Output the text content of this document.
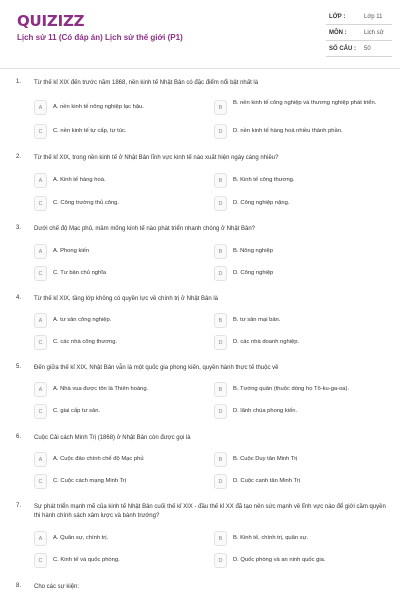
QUIZIZZ
Lịch sử 11 (Có đáp án) Lịch sử thế giới (P1)
LỚP :	Lớp 11
MÔN :	Lịch sử
SỐ CÂU : 50
1. Từ thế kỉ XIX đến trước năm 1868, nền kinh tế Nhật Bản có đặc điểm nổi bật nhất là
A	A. nền kinh tế nông nghiệp lạc hậu.	B
B. nền kinh tế công nghiệp và thương nghiệp phát triển.
C	C. nền kinh tế tự cấp, tự túc.	D	D. nền kinh tế hàng hoá nhiều thành phần.
2. Từ thế kỉ XIX, trong nền kinh tế ở Nhật Bản lĩnh vực kinh tế nào xuất hiện ngày càng nhiều?
A	A. Kinh tế hàng hoá.	B	B. Kinh tế công thương.
C	C. Công trường thủ công.	D	D. Công nghiệp nặng.
3. Dưới chế độ Mạc phủ, mầm mống kinh tế nào phát triển nhanh chóng ở Nhật Bản?
A	A. Phong kiến	B	B. Nông nghiệp
C	C. Tư bản chủ nghĩa	D	D. Công nghiệp
4. Từ thế kỉ XIX, tầng lớp không có quyền lực về chính trị ở Nhật Bản là
A	A. tư sản công nghiệp.	B	B. tư sản mại bản.
C	C. các nhà công thương.	D	D. các nhà doanh nghiệp.
5. Đến giữa thế kỉ XIX, Nhật Bản vẫn là một quốc gia phong kiến, quyền hành thực tế thuộc về
A	A. Nhà vua được tôn là Thiên hoàng.	B	B. Tướng quân (thuộc dòng họ Tô-ku-ga-oa).
C	C. giai cấp tư sản.	D	D. lãnh chúa phong kiến.
6. Cuộc Cải cách Minh Trị (1868) ở Nhật Bản còn được gọi là
A	A. Cuộc đảo chính chế độ Mạc phủ	B	B. Cuộc Duy tân Minh Trị
C	C. Cuộc cách mạng Minh Trị	D	D. Cuộc canh tân Minh Trị
7. Sự phát triển mạnh mẽ của kinh tế Nhật Bản cuối thế kỉ XIX - đầu thế kỉ XX đã tạo nên sức mạnh về lĩnh vực nào để giới cầm quyền thi hành chính sách xâm lược và bành trướng?
A	A. Quân sự, chính trị.	B	B. Kinh tế, chính trị, quân sự.
C	C. Kinh tế và quốc phòng.	D	D. Quốc phòng và an ninh quốc gia.
8. Cho các sự kiện:
